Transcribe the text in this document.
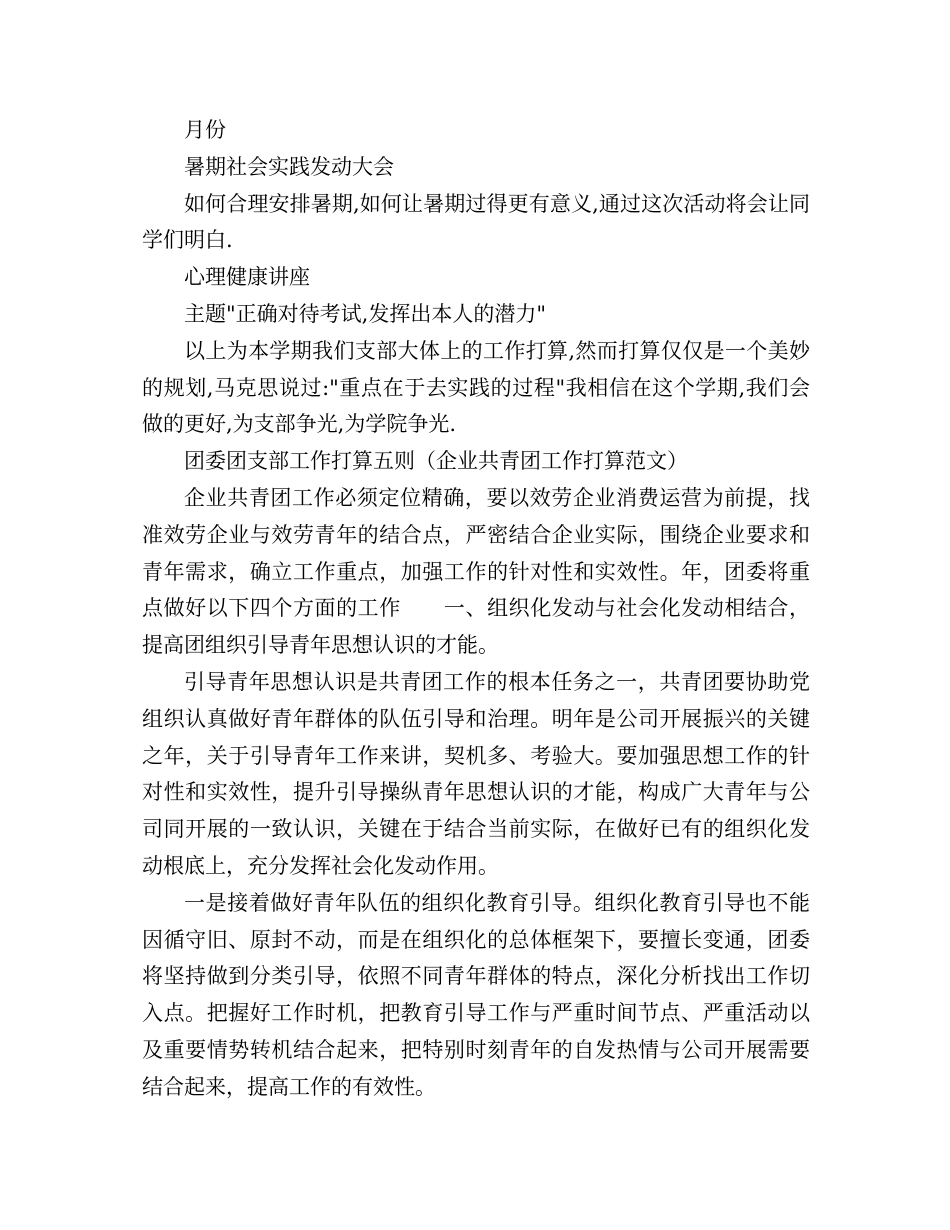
月份

暑期社会实践发动大会

如何合理安排暑期,如何让暑期过得更有意义,通过这次活动将会让同学们明白.

心理健康讲座

主题"正确对待考试,发挥出本人的潜力"

以上为本学期我们支部大体上的工作打算,然而打算仅仅是一个美妙的规划,马克思说过:"重点在于去实践的过程"我相信在这个学期,我们会做的更好,为支部争光,为学院争光.

团委团支部工作打算五则（企业共青团工作打算范文）

企业共青团工作必须定位精确，要以效劳企业消费运营为前提，找准效劳企业与效劳青年的结合点，严密结合企业实际，围绕企业要求和青年需求，确立工作重点，加强工作的针对性和实效性。年，团委将重点做好以下四个方面的工作　　一、组织化发动与社会化发动相结合，提高团组织引导青年思想认识的才能。

引导青年思想认识是共青团工作的根本任务之一，共青团要协助党组织认真做好青年群体的队伍引导和治理。明年是公司开展振兴的关键之年，关于引导青年工作来讲，契机多、考验大。要加强思想工作的针对性和实效性，提升引导操纵青年思想认识的才能，构成广大青年与公司同开展的一致认识，关键在于结合当前实际，在做好已有的组织化发动根底上，充分发挥社会化发动作用。

一是接着做好青年队伍的组织化教育引导。组织化教育引导也不能因循守旧、原封不动，而是在组织化的总体框架下，要擅长变通，团委将坚持做到分类引导，依照不同青年群体的特点，深化分析找出工作切入点。把握好工作时机，把教育引导工作与严重时间节点、严重活动以及重要情势转机结合起来，把特别时刻青年的自发热情与公司开展需要结合起来，提高工作的有效性。
